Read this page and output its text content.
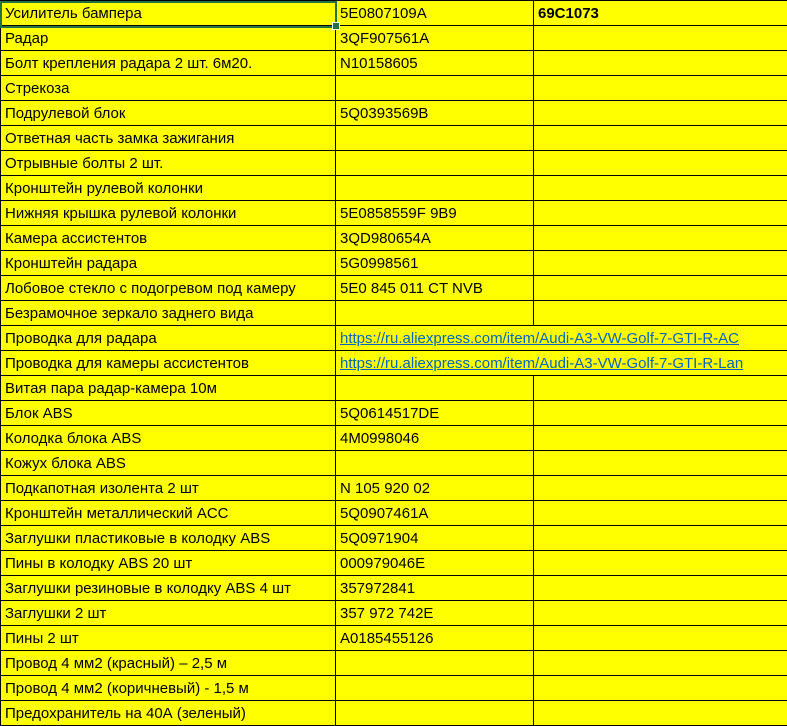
Усилитель бампера	5E0807109A	69C1073
Радар	3QF907561A
Болт крепления радара 2 шт. 6м20.	N10158605
Стрекоза
Подрулевой блок	5Q0393569B
Ответная часть замка зажигания
Отрывные болты 2 шт.
Кронштейн рулевой колонки
Нижняя крышка рулевой колонки	5E0858559F 9B9
Камера ассистентов	3QD980654A
Кронштейн радара	5G0998561
Лобовое стекло с подогревом под камеру	5E0 845 011 CT NVB
Безрамочное зеркало заднего вида
Проводка для радара	https://ru.aliexpress.com/item/Audi-A3-VW-Golf-7-GTI-R-AC
Проводка для камеры ассистентов	https://ru.aliexpress.com/item/Audi-A3-VW-Golf-7-GTI-R-Lan
Витая пара радар-камера 10м
Блок ABS	5Q0614517DE
Колодка блока ABS	4M0998046
Кожух блока ABS
Подкапотная изолента 2 шт	N 105 920 02
Кронштейн металлический ACC	5Q0907461A
Заглушки пластиковые в колодку ABS	5Q0971904
Пины в колодку ABS 20 шт	000979046E
Заглушки резиновые в колодку ABS 4 шт	357972841
Заглушки 2 шт	357 972 742E
Пины 2 шт	A0185455126
Провод 4 мм2 (красный) – 2,5 м
Провод 4 мм2 (коричневый) - 1,5 м
Предохранитель на 40А (зеленый)
